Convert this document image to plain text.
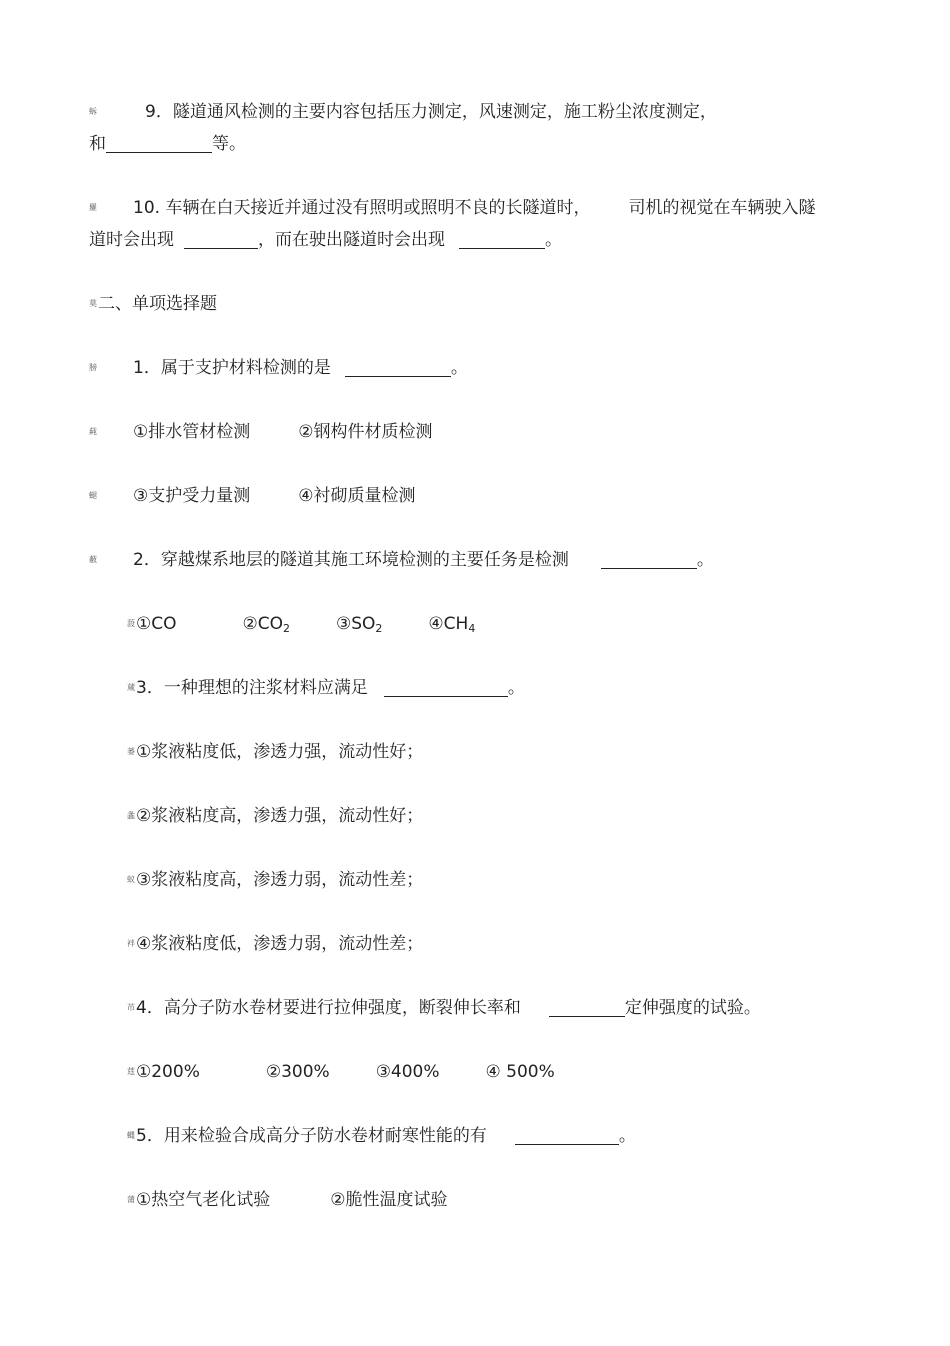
蚸	9．隧道通风检测的主要内容包括压力测定，风速测定，施工粉尘浓度测定，
和	等。
羅 10. 车辆在白天接近并通过没有照明或照明不良的长隧道时， 司机的视觉在车辆驶入隧
道时会出现	，而在驶出隧道时会出现	。
莫二、单项选择题
膀 1．属于支护材料检测的是	。
蒓 ①排水管材检测	②钢构件材质检测
螁 ③支护受力量测	④衬砌质量检测
蔽 2．穿越煤系地层的隧道其施工环境检测的主要任务是检测	。
蔎①CO	$②CO_2$	$③SO_2$	$④CH_4$
蒇3．一种理想的注浆材料应满足	。
蒌①浆液粘度低，渗透力强，流动性好；
螽②浆液粘度高，渗透力强，流动性好；
蚁③浆液粘度高，渗透力弱，流动性差；
袢④浆液粘度低，渗透力弱，流动性差；
芇4．高分子防水卷材要进行拉伸强度，断裂伸长率和	定伸强度的试验。
莛①200%	②300%	③400%	④ 500%
蝿5．用来检验合成高分子防水卷材耐寒性能的有	。
蒲①热空气老化试验	②脆性温度试验
